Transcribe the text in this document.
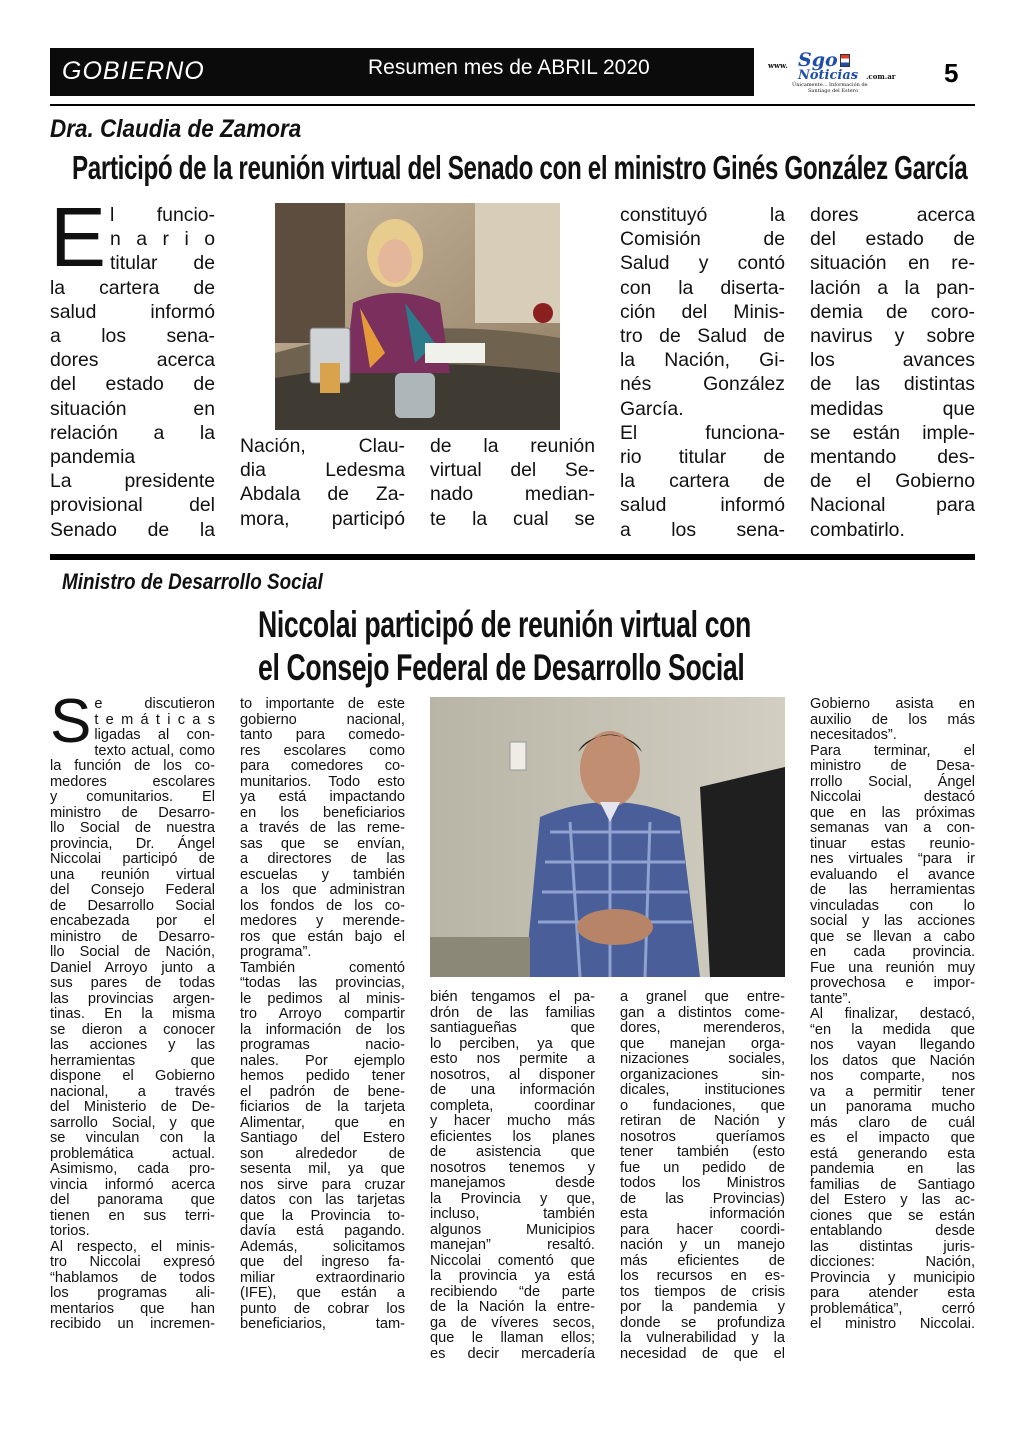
GOBIERNO	Resumen mes de ABRIL 2020	www. Sgo
Noticias .com.ar
Únicamente... Información de
Santiago del Estero
5
Dra. Claudia de Zamora
Participó de la reunión virtual del Senado con el ministro Ginés González García
El funcio-
n a r i o
titular de
la cartera de
salud informó
a los sena-
dores acerca
del estado de
situación en
relación a la
pandemia
La presidente
provisional del
Senado de la
Nación, Clau-
dia Ledesma
Abdala de Za-
mora, participó
de la reunión
virtual del Se-
nado median-
te la cual se
constituyó la
Comisión de
Salud y contó
con la diserta-
ción del Minis-
tro de Salud de
la Nación, Gi-
nés González
García.
El funciona-
rio titular de
la cartera de
salud informó
a los sena-
dores acerca
del estado de
situación en re-
lación a la pan-
demia de coro-
navirus y sobre
los avances
de las distintas
medidas que
se están imple-
mentando des-
de el Gobierno
Nacional para
combatirlo.
Ministro de Desarrollo Social
Niccolai participó de reunión virtual con
el Consejo Federal de Desarrollo Social
Se discutieron
t e m á t i c a s
ligadas al con-
texto actual, como
la función de los co-
medores escolares
y comunitarios. El
ministro de Desarro-
llo Social de nuestra
provincia, Dr. Ángel
Niccolai participó de
una reunión virtual
del Consejo Federal
de Desarrollo Social
encabezada por el
ministro de Desarro-
llo Social de Nación,
Daniel Arroyo junto a
sus pares de todas
las provincias argen-
tinas. En la misma
se dieron a conocer
las acciones y las
herramientas que
dispone el Gobierno
nacional, a través
del Ministerio de De-
sarrollo Social, y que
se vinculan con la
problemática actual.
Asimismo, cada pro-
vincia informó acerca
del panorama que
tienen en sus terri-
torios.
Al respecto, el minis-
tro Niccolai expresó
“hablamos de todos
los programas ali-
mentarios que han
recibido un incremen-
to importante de este
gobierno nacional,
tanto para comedo-
res escolares como
para comedores co-
munitarios. Todo esto
ya está impactando
en los beneficiarios
a través de las reme-
sas que se envían,
a directores de las
escuelas y también
a los que administran
los fondos de los co-
medores y merende-
ros que están bajo el
programa”.
También comentó
“todas las provincias,
le pedimos al minis-
tro Arroyo compartir
la información de los
programas nacio-
nales. Por ejemplo
hemos pedido tener
el padrón de bene-
ficiarios de la tarjeta
Alimentar, que en
Santiago del Estero
son alrededor de
sesenta mil, ya que
nos sirve para cruzar
datos con las tarjetas
que la Provincia to-
davía está pagando.
Además, solicitamos
que del ingreso fa-
miliar extraordinario
(IFE), que están a
punto de cobrar los
beneficiarios, tam-
bién tengamos el pa-
drón de las familias
santiagueñas que
lo perciben, ya que
esto nos permite a
nosotros, al disponer
de una información
completa, coordinar
y hacer mucho más
eficientes los planes
de asistencia que
nosotros tenemos y
manejamos desde
la Provincia y que,
incluso, también
algunos Municipios
manejan” resaltó.
Niccolai comentó que
la provincia ya está
recibiendo “de parte
de la Nación la entre-
ga de víveres secos,
que le llaman ellos;
es decir mercadería
a granel que entre-
gan a distintos come-
dores, merenderos,
que manejan orga-
nizaciones sociales,
organizaciones sin-
dicales, instituciones
o fundaciones, que
retiran de Nación y
nosotros queríamos
tener también (esto
fue un pedido de
todos los Ministros
de las Provincias)
esta información
para hacer coordi-
nación y un manejo
más eficientes de
los recursos en es-
tos tiempos de crisis
por la pandemia y
donde se profundiza
la vulnerabilidad y la
necesidad de que el
Gobierno asista en
auxilio de los más
necesitados”.
Para terminar, el
ministro de Desa-
rrollo Social, Ángel
Niccolai destacó
que en las próximas
semanas van a con-
tinuar estas reunio-
nes virtuales “para ir
evaluando el avance
de las herramientas
vinculadas con lo
social y las acciones
que se llevan a cabo
en cada provincia.
Fue una reunión muy
provechosa e impor-
tante”.
Al finalizar, destacó,
“en la medida que
nos vayan llegando
los datos que Nación
nos comparte, nos
va a permitir tener
un panorama mucho
más claro de cuál
es el impacto que
está generando esta
pandemia en las
familias de Santiago
del Estero y las ac-
ciones que se están
entablando desde
las distintas juris-
dicciones: Nación,
Provincia y municipio
para atender esta
problemática”, cerró
el ministro Niccolai.
